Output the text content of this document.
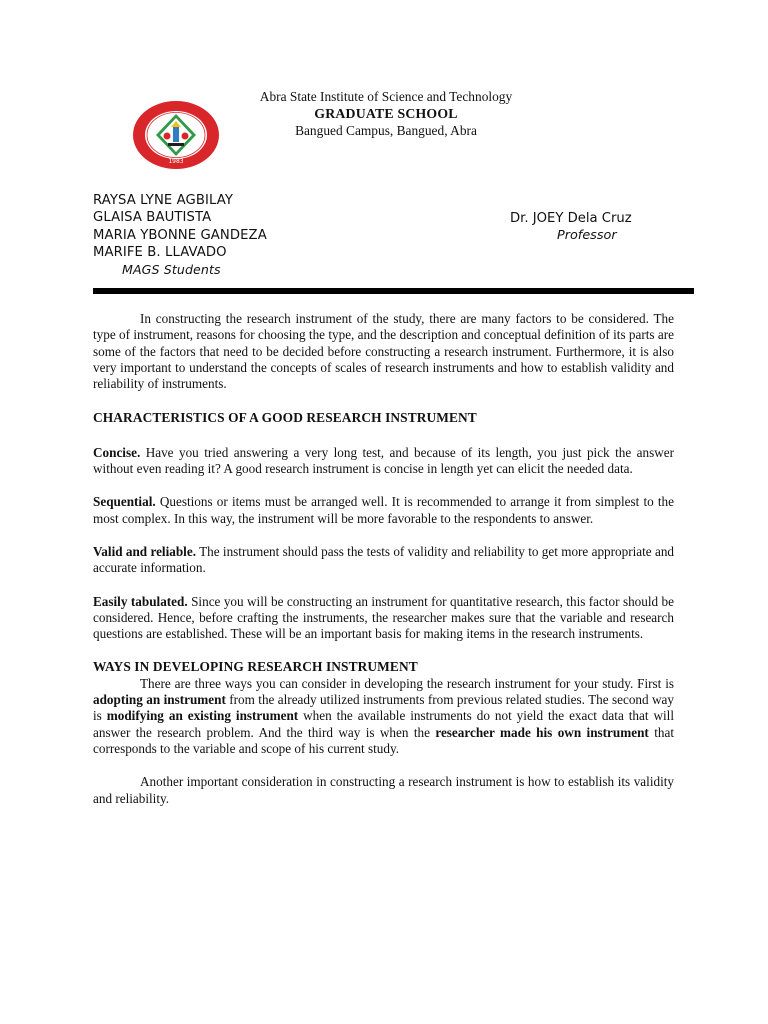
1983
Abra State Institute of Science and Technology
GRADUATE SCHOOL
Bangued Campus, Bangued, Abra
RAYSA LYNE AGBILAY
GLAISA BAUTISTA
MARIA YBONNE GANDEZA
MARIFE B. LLAVADO
MAGS Students
Dr. JOEY Dela Cruz
Professor

In constructing the research instrument of the study, there are many factors to be considered. The type of instrument, reasons for choosing the type, and the description and conceptual definition of its parts are some of the factors that need to be decided before constructing a research instrument. Furthermore, it is also very important to understand the concepts of scales of research instruments and how to establish validity and reliability of instruments.

CHARACTERISTICS OF A GOOD RESEARCH INSTRUMENT

Concise. Have you tried answering a very long test, and because of its length, you just pick the answer without even reading it? A good research instrument is concise in length yet can elicit the needed data.

Sequential. Questions or items must be arranged well. It is recommended to arrange it from simplest to the most complex. In this way, the instrument will be more favorable to the respondents to answer.

Valid and reliable. The instrument should pass the tests of validity and reliability to get more appropriate and accurate information.

Easily tabulated. Since you will be constructing an instrument for quantitative research, this factor should be considered. Hence, before crafting the instruments, the researcher makes sure that the variable and research questions are established. These will be an important basis for making items in the research instruments.

WAYS IN DEVELOPING RESEARCH INSTRUMENT

There are three ways you can consider in developing the research instrument for your study. First is adopting an instrument from the already utilized instruments from previous related studies. The second way is modifying an existing instrument when the available instruments do not yield the exact data that will answer the research problem. And the third way is when the researcher made his own instrument that corresponds to the variable and scope of his current study.

Another important consideration in constructing a research instrument is how to establish its validity and reliability.
